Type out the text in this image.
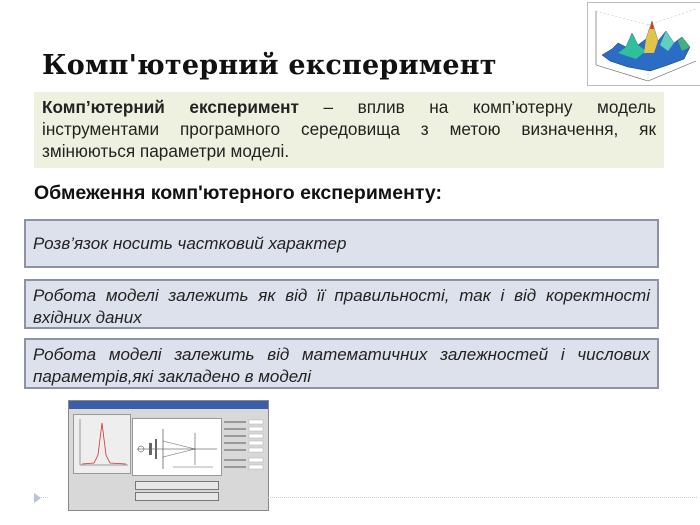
Комп'ютерний експеримент
Комп’ютерний експеримент – вплив на комп’ютерну модель інструментами програмного середовища з метою визначення, як змінюються параметри моделі.
Обмеження комп'ютерного експерименту:
Розв’язок носить частковий характер
Робота моделі залежить як від її правильності, так і від коректності вхідних даних
Робота моделі залежить від математичних залежностей і числових параметрів,які закладено в моделі
